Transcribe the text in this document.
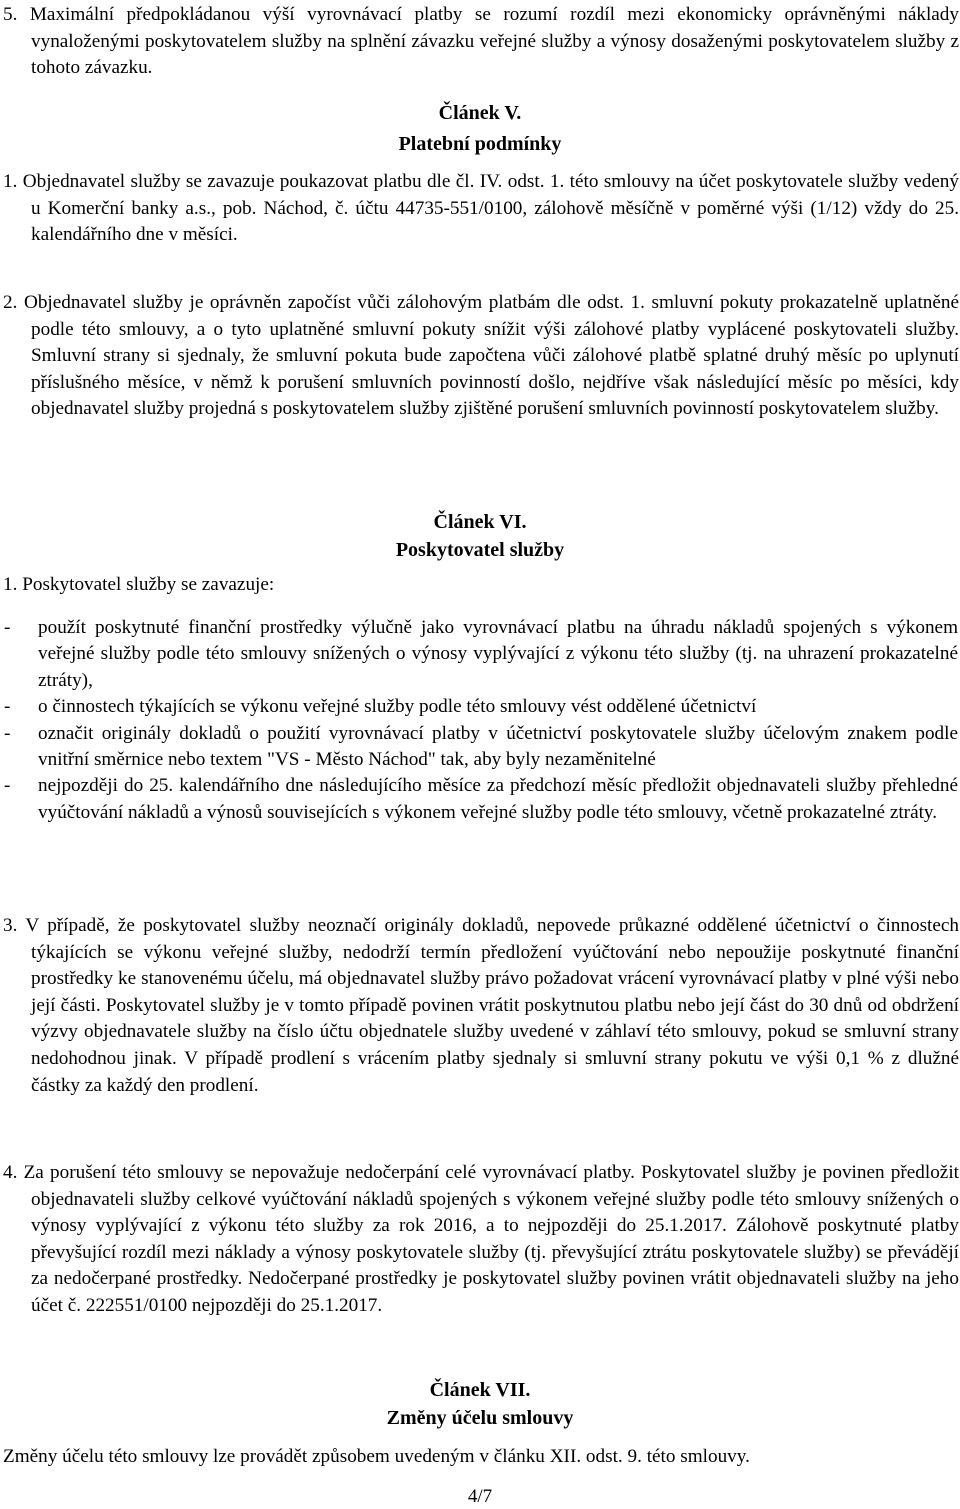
5. Maximální předpokládanou výší vyrovnávací platby se rozumí rozdíl mezi ekonomicky oprávněnými náklady vynaloženými poskytovatelem služby na splnění závazku veřejné služby a výnosy dosaženými poskytovatelem služby z tohoto závazku.
Článek V.
Platební podmínky
1. Objednavatel služby se zavazuje poukazovat platbu dle čl. IV. odst. 1. této smlouvy na účet poskytovatele služby vedený u Komerční banky a.s., pob. Náchod, č. účtu 44735-551/0100, zálohově měsíčně v poměrné výši (1/12) vždy do 25. kalendářního dne v měsíci.
2. Objednavatel služby je oprávněn započíst vůči zálohovým platbám dle odst. 1. smluvní pokuty prokazatelně uplatněné podle této smlouvy, a o tyto uplatněné smluvní pokuty snížit výši zálohové platby vyplácené poskytovateli služby. Smluvní strany si sjednaly, že smluvní pokuta bude započtena vůči zálohové platbě splatné druhý měsíc po uplynutí příslušného měsíce, v němž k porušení smluvních povinností došlo, nejdříve však následující měsíc po měsíci, kdy objednavatel služby projedná s poskytovatelem služby zjištěné porušení smluvních povinností poskytovatelem služby.
Článek VI.
Poskytovatel služby
1. Poskytovatel služby se zavazuje:
-	použít poskytnuté finanční prostředky výlučně jako vyrovnávací platbu na úhradu nákladů spojených s výkonem veřejné služby podle této smlouvy snížených o výnosy vyplývající z výkonu této služby (tj. na uhrazení prokazatelné ztráty),
-	o činnostech týkajících se výkonu veřejné služby podle této smlouvy vést oddělené účetnictví
-	označit originály dokladů o použití vyrovnávací platby v účetnictví poskytovatele služby účelovým znakem podle vnitřní směrnice nebo textem "VS - Město Náchod" tak, aby byly nezaměnitelné
-	nejpozději do 25. kalendářního dne následujícího měsíce za předchozí měsíc předložit objednavateli služby přehledné vyúčtování nákladů a výnosů souvisejících s výkonem veřejné služby podle této smlouvy, včetně prokazatelné ztráty.
3. V případě, že poskytovatel služby neoznačí originály dokladů, nepovede průkazné oddělené účetnictví o činnostech týkajících se výkonu veřejné služby, nedodrží termín předložení vyúčtování nebo nepoužije poskytnuté finanční prostředky ke stanovenému účelu, má objednavatel služby právo požadovat vrácení vyrovnávací platby v plné výši nebo její části. Poskytovatel služby je v tomto případě povinen vrátit poskytnutou platbu nebo její část do 30 dnů od obdržení výzvy objednavatele služby na číslo účtu objednatele služby uvedené v záhlaví této smlouvy, pokud se smluvní strany nedohodnou jinak. V případě prodlení s vrácením platby sjednaly si smluvní strany pokutu ve výši 0,1 % z dlužné částky za každý den prodlení.
4. Za porušení této smlouvy se nepovažuje nedočerpání celé vyrovnávací platby. Poskytovatel služby je povinen předložit objednavateli služby celkové vyúčtování nákladů spojených s výkonem veřejné služby podle této smlouvy snížených o výnosy vyplývající z výkonu této služby za rok 2016, a to nejpozději do 25.1.2017. Zálohově poskytnuté platby převyšující rozdíl mezi náklady a výnosy poskytovatele služby (tj. převyšující ztrátu poskytovatele služby) se převádějí za nedočerpané prostředky. Nedočerpané prostředky je poskytovatel služby povinen vrátit objednavateli služby na jeho účet č. 222551/0100 nejpozději do 25.1.2017.
Článek VII.
Změny účelu smlouvy
Změny účelu této smlouvy lze provádět způsobem uvedeným v článku XII. odst. 9. této smlouvy.
4/7
